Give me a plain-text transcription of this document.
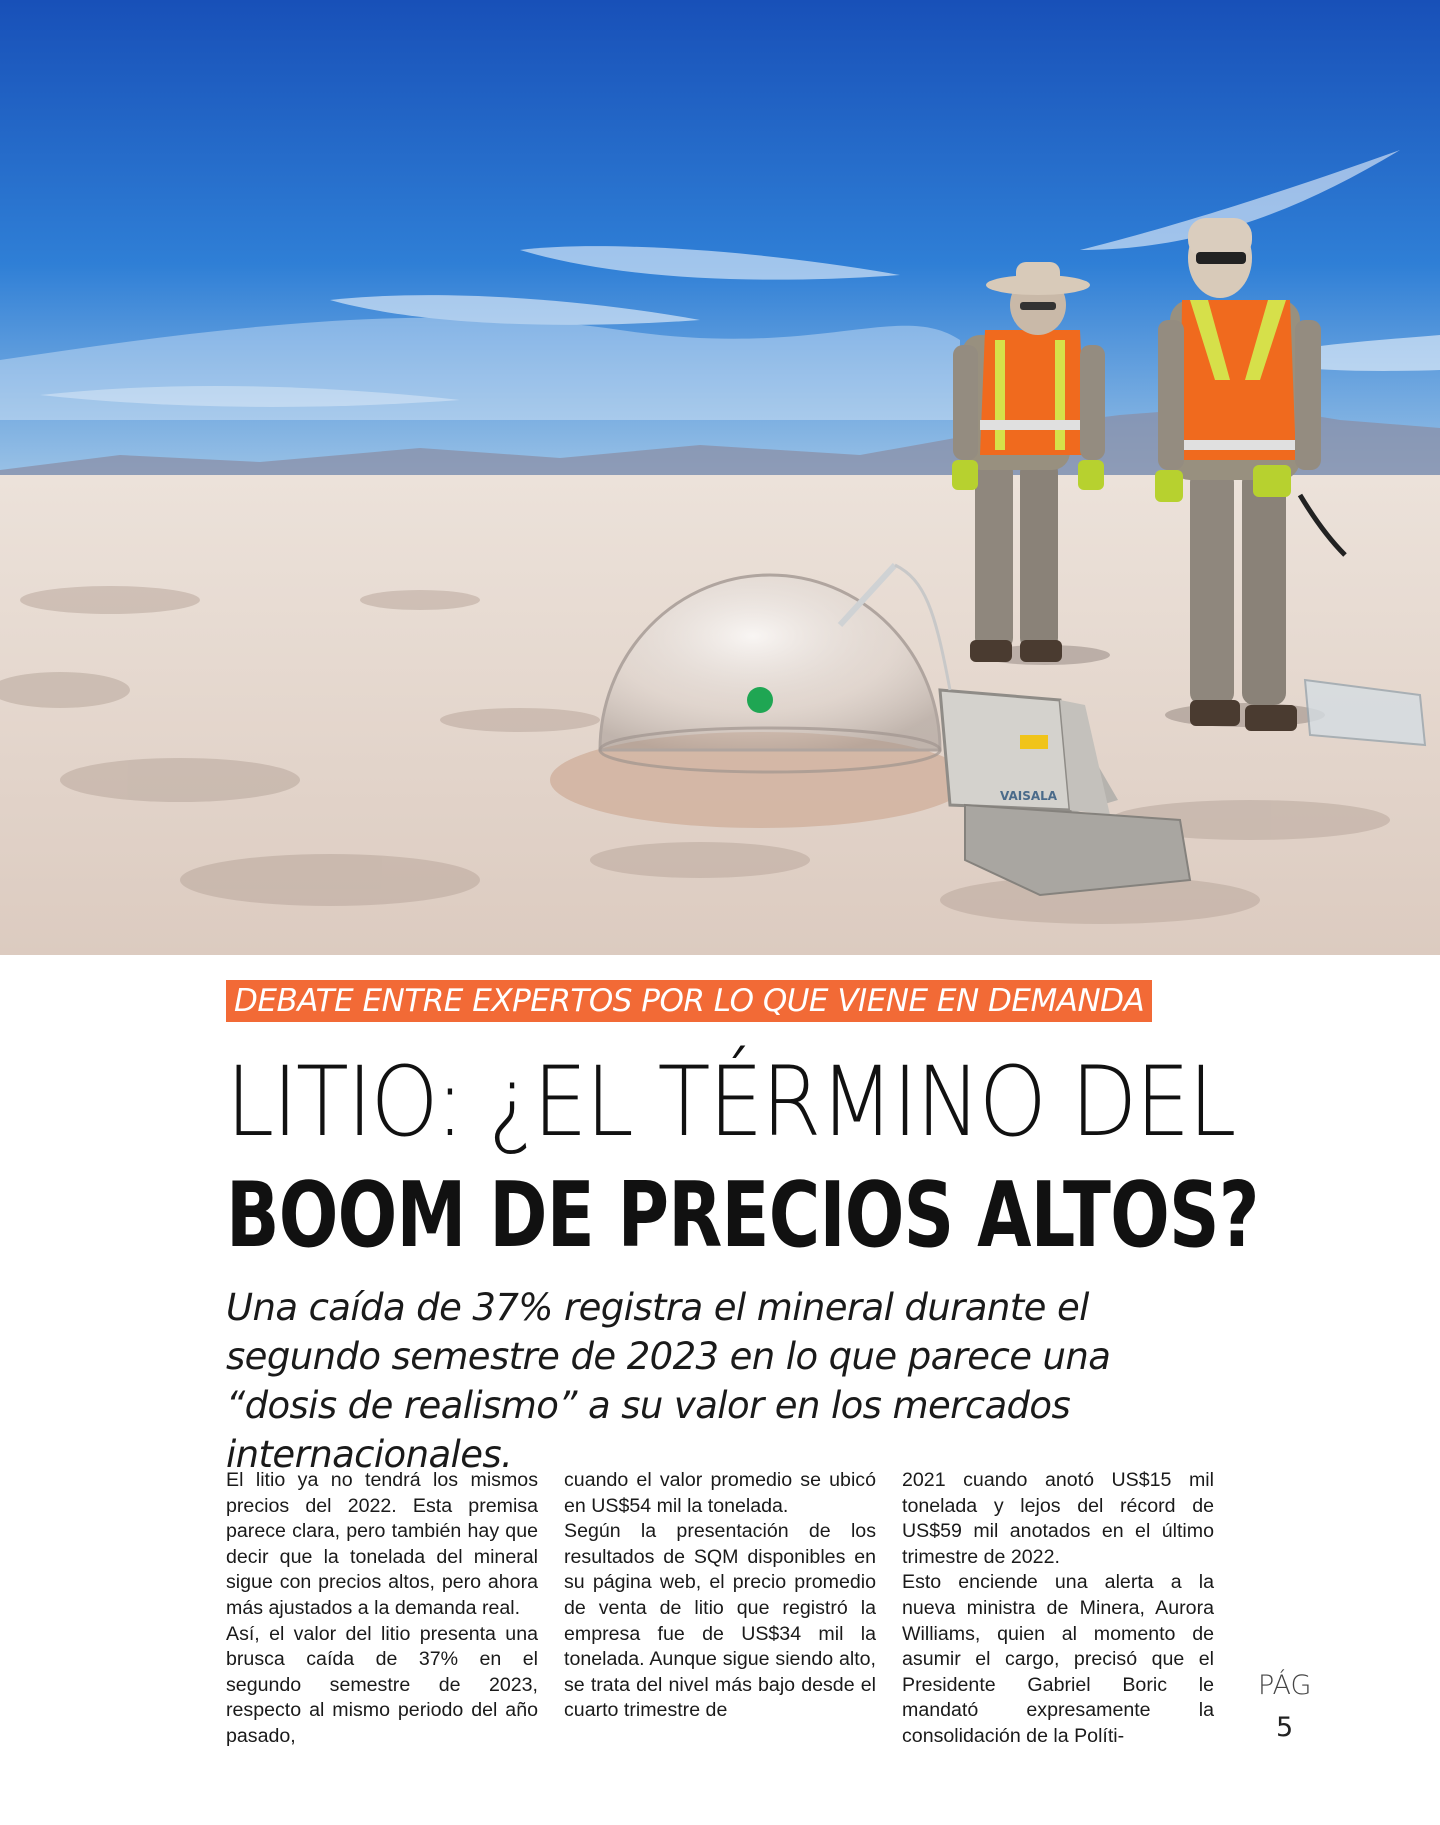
VAISALA
DEBATE ENTRE EXPERTOS POR LO QUE VIENE EN DEMANDA
LITIO: ¿EL TÉRMINO DEL
BOOM DE PRECIOS ALTOS?
Una caída de 37% registra el mineral durante el segundo semestre de 2023 en lo que parece una “dosis de realismo” a su valor en los mercados internacionales.

El litio ya no tendrá los mismos precios del 2022. Esta premisa parece clara, pero también hay que decir que la tonelada del mineral sigue con precios altos, pero ahora más ajustados a la demanda real.

Así, el valor del litio presenta una brusca caída de 37% en el segundo semestre de 2023, respecto al mismo periodo del año pasado,

cuando el valor promedio se ubicó en US$54 mil la tonelada.

Según la presentación de los resultados de SQM disponibles en su página web, el precio promedio de venta de litio que registró la empresa fue de US$34 mil la tonelada. Aunque sigue siendo alto, se trata del nivel más bajo desde el cuarto trimestre de

2021 cuando anotó US$15 mil tonelada y lejos del récord de US$59 mil anotados en el último trimestre de 2022.

Esto enciende una alerta a la nueva ministra de Minera, Aurora Williams, quien al momento de asumir el cargo, precisó que el Presidente Gabriel Boric le mandató expresamente la consolidación de la Políti-

PÁG
5
